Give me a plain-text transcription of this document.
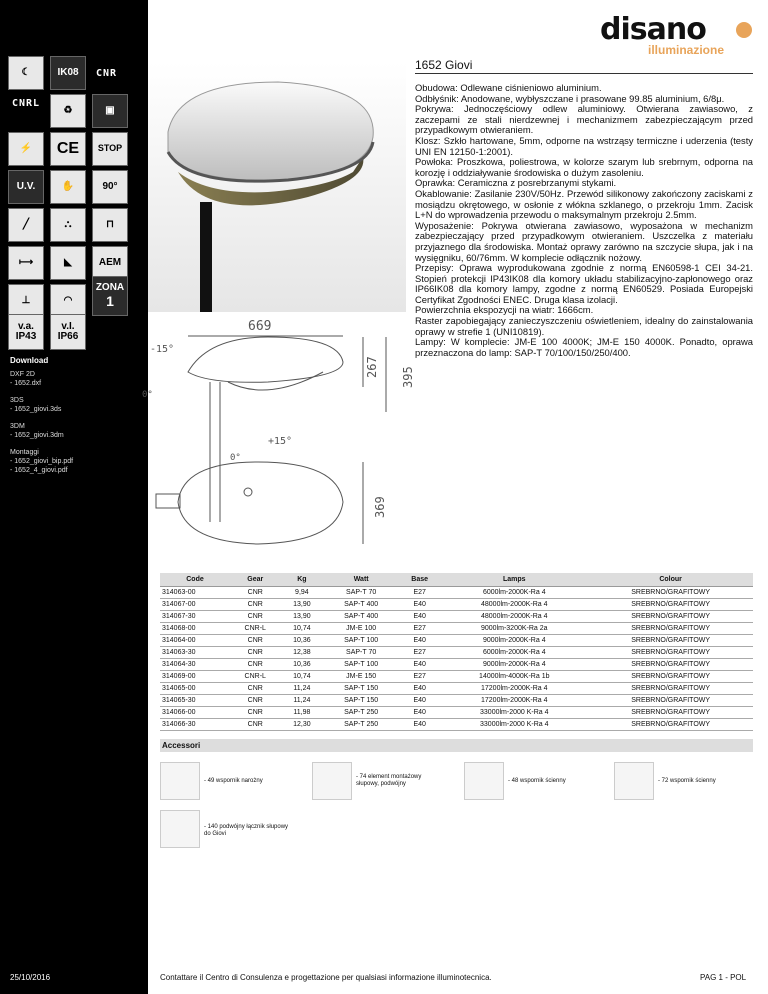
☾	IK08 CNR
CNRL
♻	▣
⚡	CE STOP
U.V.	✋	90°
╱	⛬	⊓
⟼	◣	AEM
⊥	◠
ZONA
1
v.a.
IP43
v.I.
IP66
Download
DXF 2D
- 1652.dxf
3DS
- 1652_giovi.3ds
3DM
- 1652_giovi.3dm
Montaggi
- 1652_giovi_bip.pdf
- 1652_4_giovi.pdf
25/10/2016
disano
illuminazione
669
-15°
+15°
0°
0°
267 395
369
1652 Giovi
Obudowa: Odlewane ciśnieniowo aluminium.
Odbłyśnik: Anodowane, wybłyszczane i prasowane 99.85 aluminium, 6/8μ.
Pokrywa: Jednoczęściowy odlew aluminiowy. Otwierana zawiasowo, z zaczepami ze stali nierdzewnej i mechanizmem zabezpieczającym przed przypadkowym otwieraniem.
Klosz: Szkło hartowane, 5mm, odporne na wstrząsy termiczne i uderzenia (testy UNI EN 12150-1:2001).
Powłoka: Proszkowa, poliestrowa, w kolorze szarym lub srebrnym, odporna na korozję i oddziaływanie środowiska o dużym zasoleniu.
Oprawka: Ceramiczna z posrebrzanymi stykami.
Okablowanie: Zasilanie 230V/50Hz. Przewód silikonowy zakończony zaciskami z mosiądzu okrętowego, w osłonie z włókna szklanego, o przekroju 1mm. Zacisk L+N do wprowadzenia przewodu o maksymalnym przekroju 2.5mm.
Wyposażenie: Pokrywa otwierana zawiasowo, wyposażona w mechanizm zabezpieczający przed przypadkowym otwieraniem. Uszczelka z materiału przyjaznego dla środowiska. Montaż oprawy zarówno na szczycie słupa, jak i na wysięgniku, 60/76mm. W komplecie odłącznik nożowy.
Przepisy: Oprawa wyprodukowana zgodnie z normą EN60598-1 CEI 34-21. Stopień protekcji IP43IK08 dla komory układu stabilizacyjno-zapłonowego oraz IP66IK08 dla komory lampy, zgodne z normą EN60529. Posiada Europejski Certyfikat Zgodności ENEC. Druga klasa izolacji.
Powierzchnia ekspozycji na wiatr: 1666cm.
Raster zapobiegający zanieczyszczeniu oświetleniem, idealny do zainstalowania oprawy w strefie 1 (UNI10819).
Lampy: W komplecie: JM-E 100 4000K; JM-E 150 4000K. Ponadto, oprawa przeznaczona do lamp: SAP-T 70/100/150/250/400.
Code	Gear	Kg	Watt	Base	Lamps	Colour
314063-00	CNR	9,94	SAP-T 70	E27	6000lm-2000K-Ra 4	SREBRNO/GRAFITOWY
314067-00	CNR	13,90	SAP-T 400	E40	48000lm-2000K-Ra 4	SREBRNO/GRAFITOWY
314067-30	CNR	13,90	SAP-T 400	E40	48000lm-2000K-Ra 4	SREBRNO/GRAFITOWY
314068-00	CNR-L	10,74	JM-E 100	E27	9000lm-3200K-Ra 2a	SREBRNO/GRAFITOWY
314064-00	CNR	10,36	SAP-T 100	E40	9000lm-2000K-Ra 4	SREBRNO/GRAFITOWY
314063-30	CNR	12,38	SAP-T 70	E27	6000lm-2000K-Ra 4	SREBRNO/GRAFITOWY
314064-30	CNR	10,36	SAP-T 100	E40	9000lm-2000K-Ra 4	SREBRNO/GRAFITOWY
314069-00	CNR-L	10,74	JM-E 150	E27	14000lm-4000K-Ra 1b	SREBRNO/GRAFITOWY
314065-00	CNR	11,24	SAP-T 150	E40	17200lm-2000K-Ra 4	SREBRNO/GRAFITOWY
314065-30	CNR	11,24	SAP-T 150	E40	17200lm-2000K-Ra 4	SREBRNO/GRAFITOWY
314066-00	CNR	11,98	SAP-T 250	E40	33000lm-2000 K-Ra 4	SREBRNO/GRAFITOWY
314066-30	CNR	12,30	SAP-T 250	E40	33000lm-2000 K-Ra 4	SREBRNO/GRAFITOWY
Accessori
- 49 wspornik narożny
- 74 element montażowy słupowy, podwójny	- 48 wspornik ścienny	- 72 wspornik ścienny
- 140 podwójny łącznik słupowy do Giovi
Contattare il Centro di Consulenza e progettazione per qualsiasi informazione illuminotecnica.	PAG 1 - POL
